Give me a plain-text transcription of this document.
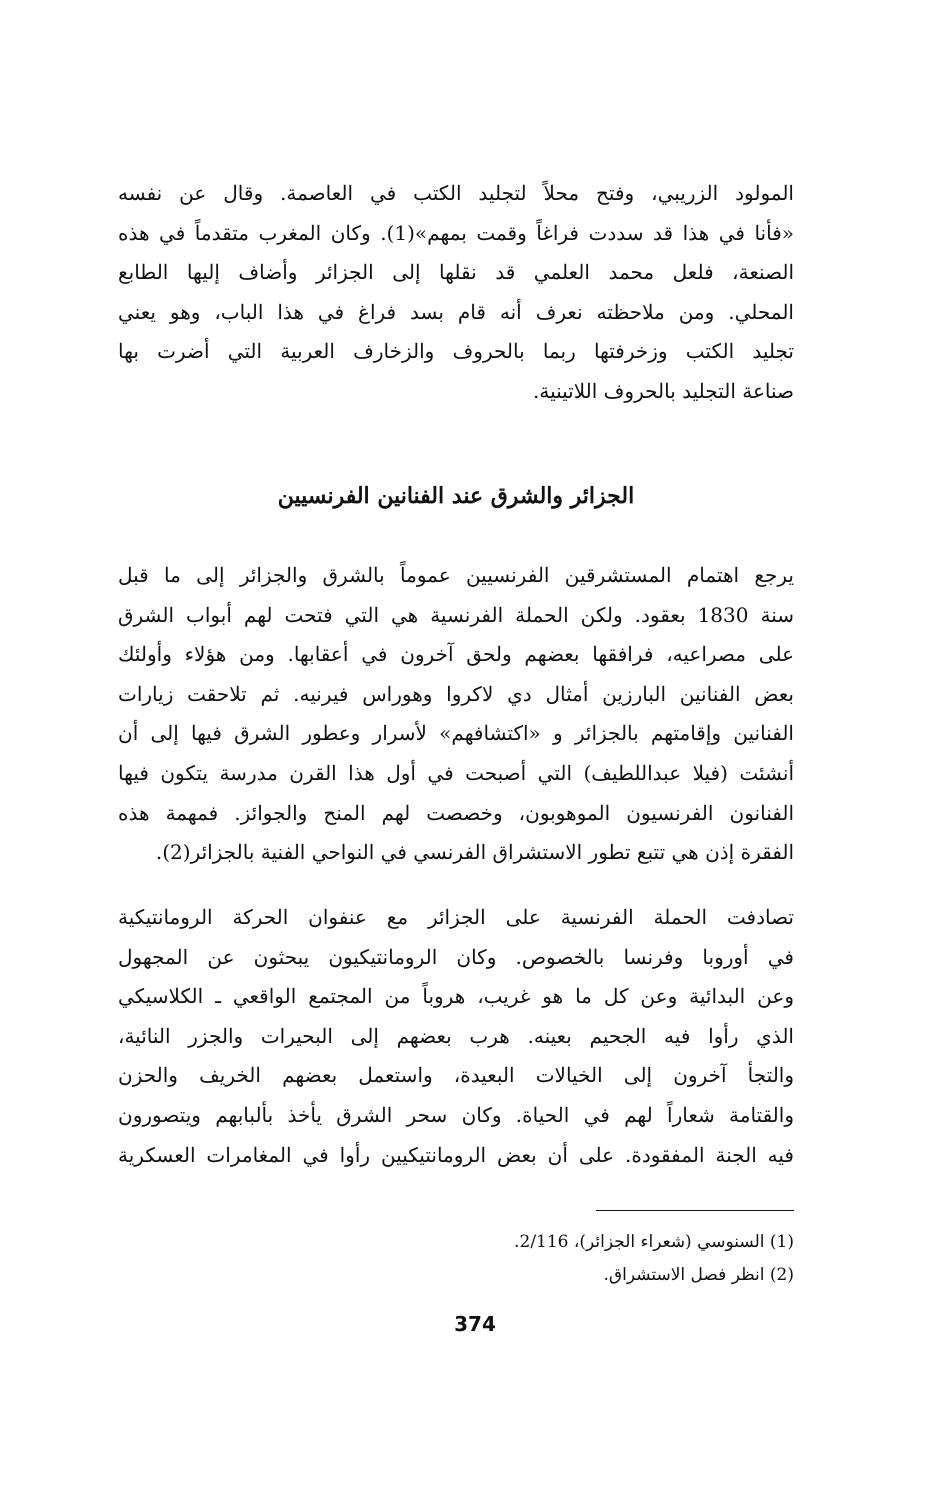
المولود الزريبي، وفتح محلاً لتجليد الكتب في العاصمة. وقال عن نفسه
«فأنا في هذا قد سددت فراغاً وقمت بمهم»(1). وكان المغرب متقدماً في هذه
الصنعة، فلعل محمد العلمي قد نقلها إلى الجزائر وأضاف إليها الطابع
المحلي. ومن ملاحظته نعرف أنه قام بسد فراغ في هذا الباب، وهو يعني
تجليد الكتب وزخرفتها ربما بالحروف والزخارف العربية التي أضرت بها
صناعة التجليد بالحروف اللاتينية.
الجزائر والشرق عند الفنانين الفرنسيين
يرجع اهتمام المستشرقين الفرنسيين عموماً بالشرق والجزائر إلى ما قبل
سنة 1830 بعقود. ولكن الحملة الفرنسية هي التي فتحت لهم أبواب الشرق
على مصراعيه، فرافقها بعضهم ولحق آخرون في أعقابها. ومن هؤلاء وأولئك
بعض الفنانين البارزين أمثال دي لاكروا وهوراس فيرنيه. ثم تلاحقت زيارات
الفنانين وإقامتهم بالجزائر و «اكتشافهم» لأسرار وعطور الشرق فيها إلى أن
أنشئت (فيلا عبداللطيف) التي أصبحت في أول هذا القرن مدرسة يتكون فيها
الفنانون الفرنسيون الموهوبون، وخصصت لهم المنح والجوائز. فمهمة هذه
الفقرة إذن هي تتبع تطور الاستشراق الفرنسي في النواحي الفنية بالجزائر(2).
تصادفت الحملة الفرنسية على الجزائر مع عنفوان الحركة الرومانتيكية
في أوروبا وفرنسا بالخصوص. وكان الرومانتيكيون يبحثون عن المجهول
وعن البدائية وعن كل ما هو غريب، هروباً من المجتمع الواقعي ـ الكلاسيكي
الذي رأوا فيه الجحيم بعينه. هرب بعضهم إلى البحيرات والجزر النائية،
والتجأ آخرون إلى الخيالات البعيدة، واستعمل بعضهم الخريف والحزن
والقتامة شعاراً لهم في الحياة. وكان سحر الشرق يأخذ بألبابهم ويتصورون
فيه الجنة المفقودة. على أن بعض الرومانتيكيين رأوا في المغامرات العسكرية
(1) السنوسي (شعراء الجزائر)، 2/116.
(2) انظر فصل الاستشراق.
374
